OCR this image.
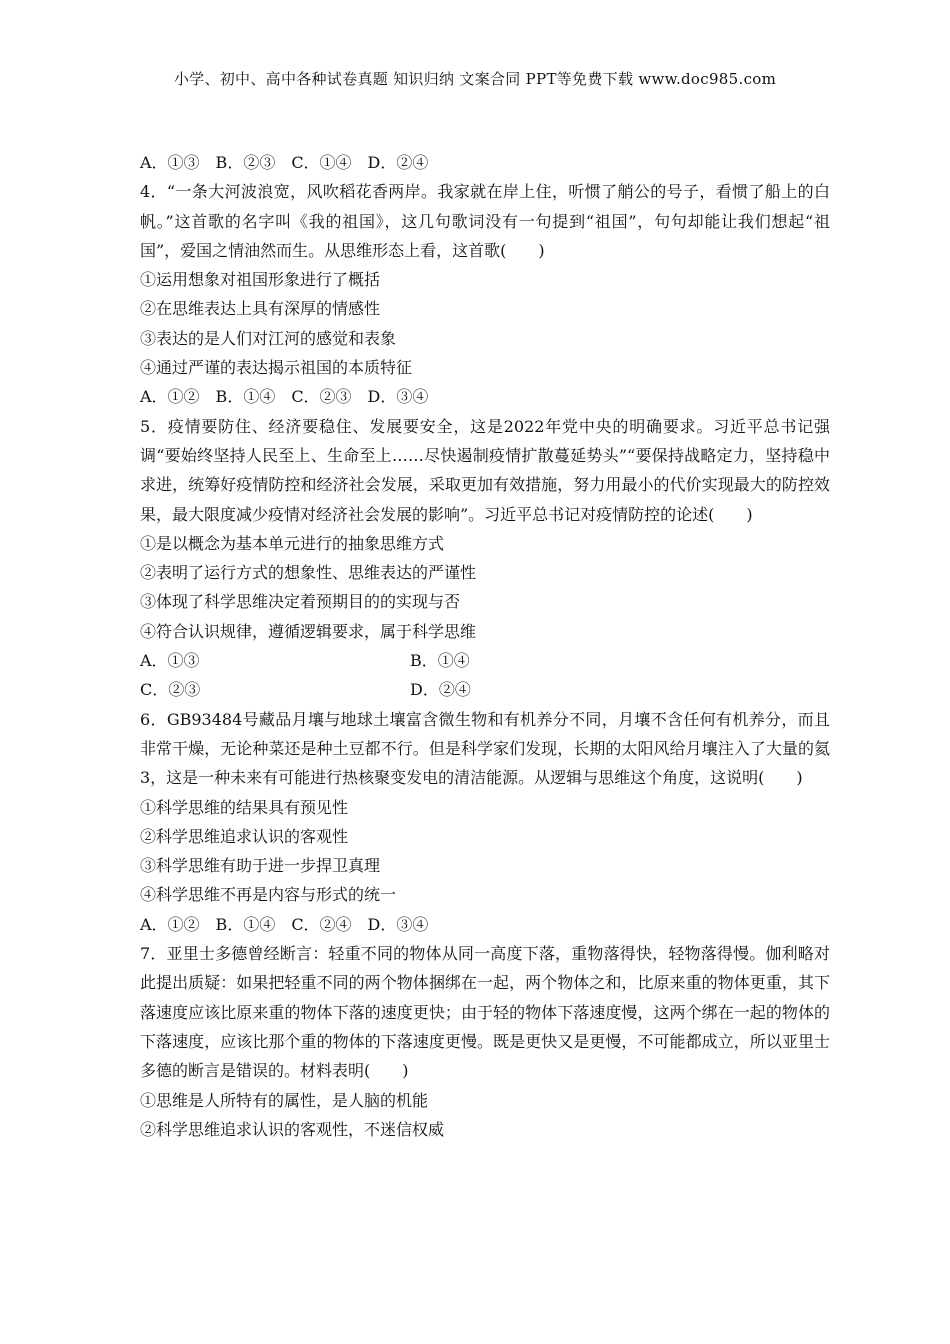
小学、初中、高中各种试卷真题 知识归纳 文案合同 PPT等免费下载 www.doc985.com
A．①③　B．②③　C．①④　D．②④
4．“一条大河波浪宽，风吹稻花香两岸。我家就在岸上住，听惯了艄公的号子，看惯了船上的白帆。”这首歌的名字叫《我的祖国》，这几句歌词没有一句提到“祖国”，句句却能让我们想起“祖国”，爱国之情油然而生。从思维形态上看，这首歌(　　)
①运用想象对祖国形象进行了概括
②在思维表达上具有深厚的情感性
③表达的是人们对江河的感觉和表象
④通过严谨的表达揭示祖国的本质特征
A．①②　B．①④　C．②③　D．③④
5．疫情要防住、经济要稳住、发展要安全，这是2022年党中央的明确要求。习近平总书记强调“要始终坚持人民至上、生命至上……尽快遏制疫情扩散蔓延势头”“要保持战略定力，坚持稳中求进，统筹好疫情防控和经济社会发展，采取更加有效措施，努力用最小的代价实现最大的防控效果，最大限度减少疫情对经济社会发展的影响”。习近平总书记对疫情防控的论述(　　)
①是以概念为基本单元进行的抽象思维方式
②表明了运行方式的想象性、思维表达的严谨性
③体现了科学思维决定着预期目的的实现与否
④符合认识规律，遵循逻辑要求，属于科学思维
A．①③	B．①④
C．②③	D．②④
6．GB93484号藏品月壤与地球土壤富含微生物和有机养分不同，月壤不含任何有机养分，而且非常干燥，无论种菜还是种土豆都不行。但是科学家们发现，长期的太阳风给月壤注入了大量的氦3，这是一种未来有可能进行热核聚变发电的清洁能源。从逻辑与思维这个角度，这说明(　　)
①科学思维的结果具有预见性
②科学思维追求认识的客观性
③科学思维有助于进一步捍卫真理
④科学思维不再是内容与形式的统一
A．①②　B．①④　C．②④　D．③④
7．亚里士多德曾经断言：轻重不同的物体从同一高度下落，重物落得快，轻物落得慢。伽利略对此提出质疑：如果把轻重不同的两个物体捆绑在一起，两个物体之和，比原来重的物体更重，其下落速度应该比原来重的物体下落的速度更快；由于轻的物体下落速度慢，这两个绑在一起的物体的下落速度，应该比那个重的物体的下落速度更慢。既是更快又是更慢，不可能都成立，所以亚里士多德的断言是错误的。材料表明(　　)
①思维是人所特有的属性，是人脑的机能
②科学思维追求认识的客观性，不迷信权威
